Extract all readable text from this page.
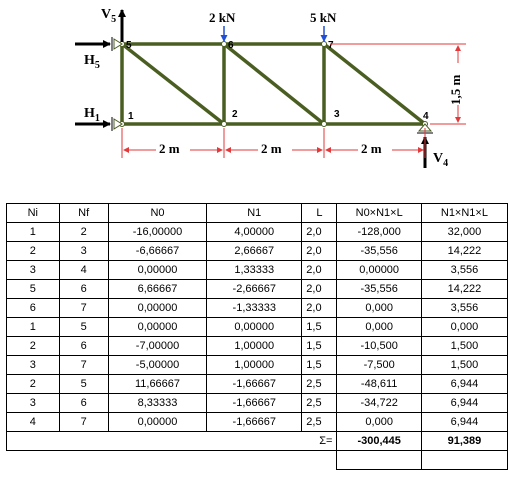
2 kN	5 kN
$V_5$
$H_5$
$H_1$
$V_4$
1	2	3	4
5	6	7
2 m	2 m	2 m
1,5 m
Ni	Nf	N0	N1	L	N0×N1×L	N1×N1×L
1	2	-16,00000	4,00000	2,0	-128,000	32,000
2	3	-6,66667	2,66667	2,0	-35,556	14,222
3	4	0,00000	1,33333	2,0	0,00000	3,556
5	6	6,66667	-2,66667	2,0	-35,556	14,222
6	7	0,00000	-1,33333	2,0	0,000	3,556
1	5	0,00000	0,00000	1,5	0,000	0,000
2	6	-7,00000	1,00000	1,5	-10,500	1,500
3	7	-5,00000	1,00000	1,5	-7,500	1,500
2	5	11,66667	-1,66667	2,5	-48,611	6,944
3	6	8,33333	-1,66667	2,5	-34,722	6,944
4	7	0,00000	-1,66667	2,5	0,000	6,944
Σ=					-300,445	91,389
